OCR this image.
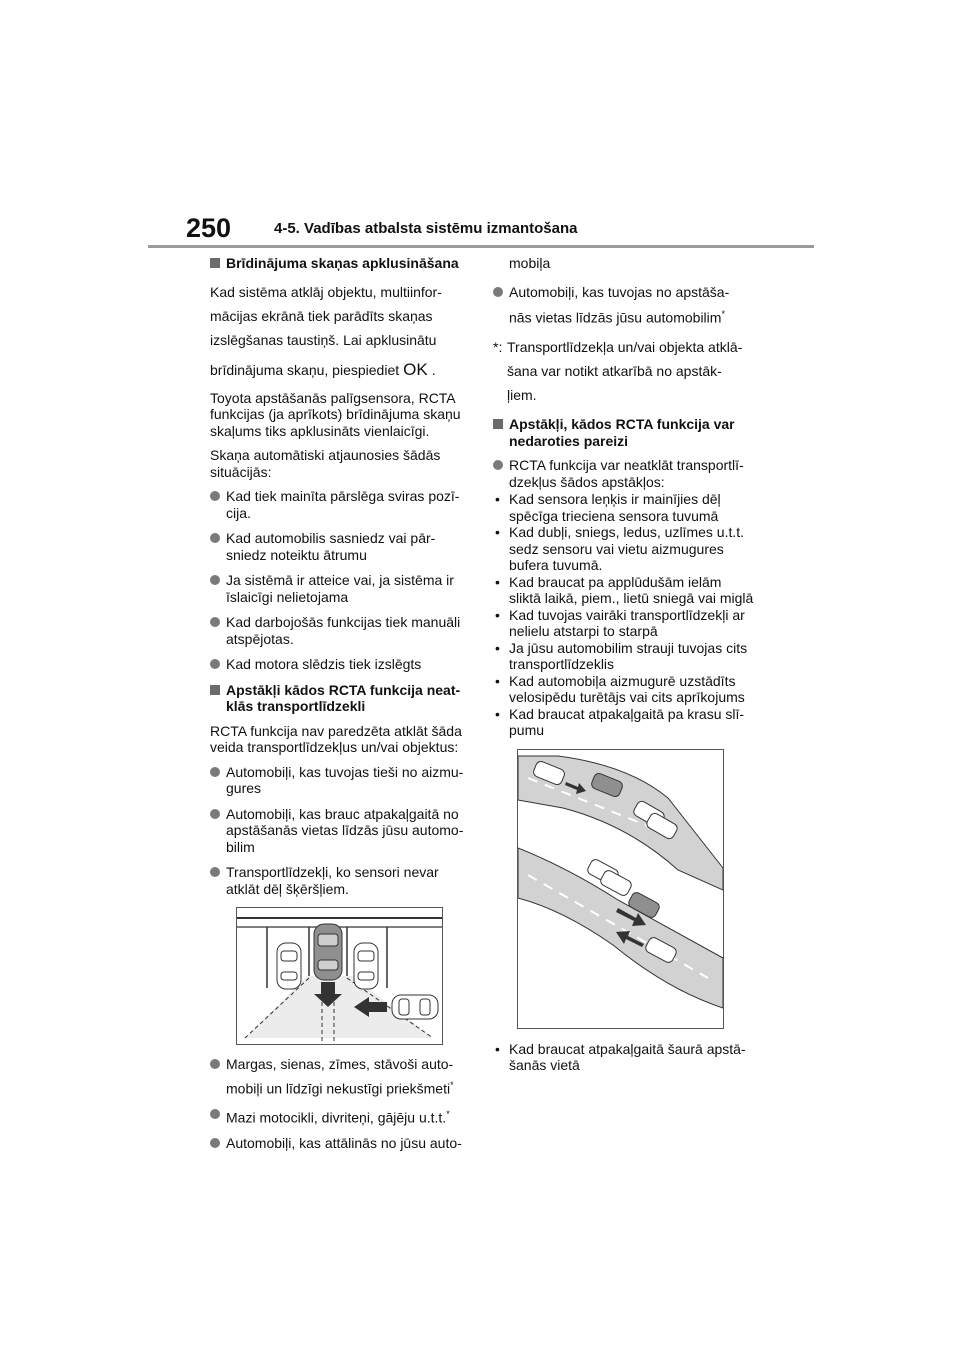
250	4-5. Vadības atbalsta sistēmu izmantošana
Brīdinājuma skaņas apklusināšana
Kad sistēma atklāj objektu, multiinfor-
mācijas ekrānā tiek parādīts skaņas
izslēgšanas taustiņš. Lai apklusinātu
brīdinājuma skaņu, piespiediet OK .
Toyota apstāšanās palīgsensora, RCTA funkcijas (ja aprīkots) brīdinājuma skaņu skaļums tiks apklusināts vienlaicīgi.
Skaņa automātiski atjaunosies šādās situācijās:
Kad tiek mainīta pārslēga sviras pozī-cija.
Kad automobilis sasniedz vai pār-sniedz noteiktu ātrumu
Ja sistēmā ir atteice vai, ja sistēma ir īslaicīgi nelietojama
Kad darbojošās funkcijas tiek manuāli atspējotas.
Kad motora slēdzis tiek izslēgts
Apstākļi kādos RCTA funkcija neat-klās transportlīdzekli
RCTA funkcija nav paredzēta atklāt šāda veida transportlīdzekļus un/vai objektus:
Automobiļi, kas tuvojas tieši no aizmu-gures
Automobiļi, kas brauc atpakaļgaitā no apstāšanās vietas līdzās jūsu automo-bilim
Transportlīdzekļi, ko sensori nevar atklāt dēļ šķēršļiem.
Margas, sienas, zīmes, stāvoši auto-
mobiļi un līdzīgi nekustīgi priekšmeti*
Mazi motocikli, divriteņi, gājēju u.t.t.*
Automobiļi, kas attālinās no jūsu auto-
mobiļa
Automobiļi, kas tuvojas no apstāša-
nās vietas līdzās jūsu automobilim*
*: Transportlīdzekļa un/vai objekta atklā-
šana var notikt atkarībā no apstāk-
ļiem.
Apstākļi, kādos RCTA funkcija var nedaroties pareizi
RCTA funkcija var neatklāt transportlī-dzekļus šādos apstākļos:
• Kad sensora leņķis ir mainījies dēļ spēcīga trieciena sensora tuvumā
• Kad dubļi, sniegs, ledus, uzlīmes u.t.t. sedz sensoru vai vietu aizmugures bufera tuvumā.
• Kad braucat pa applūdušām ielām sliktā laikā, piem., lietū sniegā vai miglā
• Kad tuvojas vairāki transportlīdzekļi ar nelielu atstarpi to starpā
• Ja jūsu automobilim strauji tuvojas cits transportlīdzeklis
• Kad automobiļa aizmugurē uzstādīts velosipēdu turētājs vai cits aprīkojums
• Kad braucat atpakaļgaitā pa krasu slī-pumu
• Kad braucat atpakaļgaitā šaurā apstā-šanās vietā
